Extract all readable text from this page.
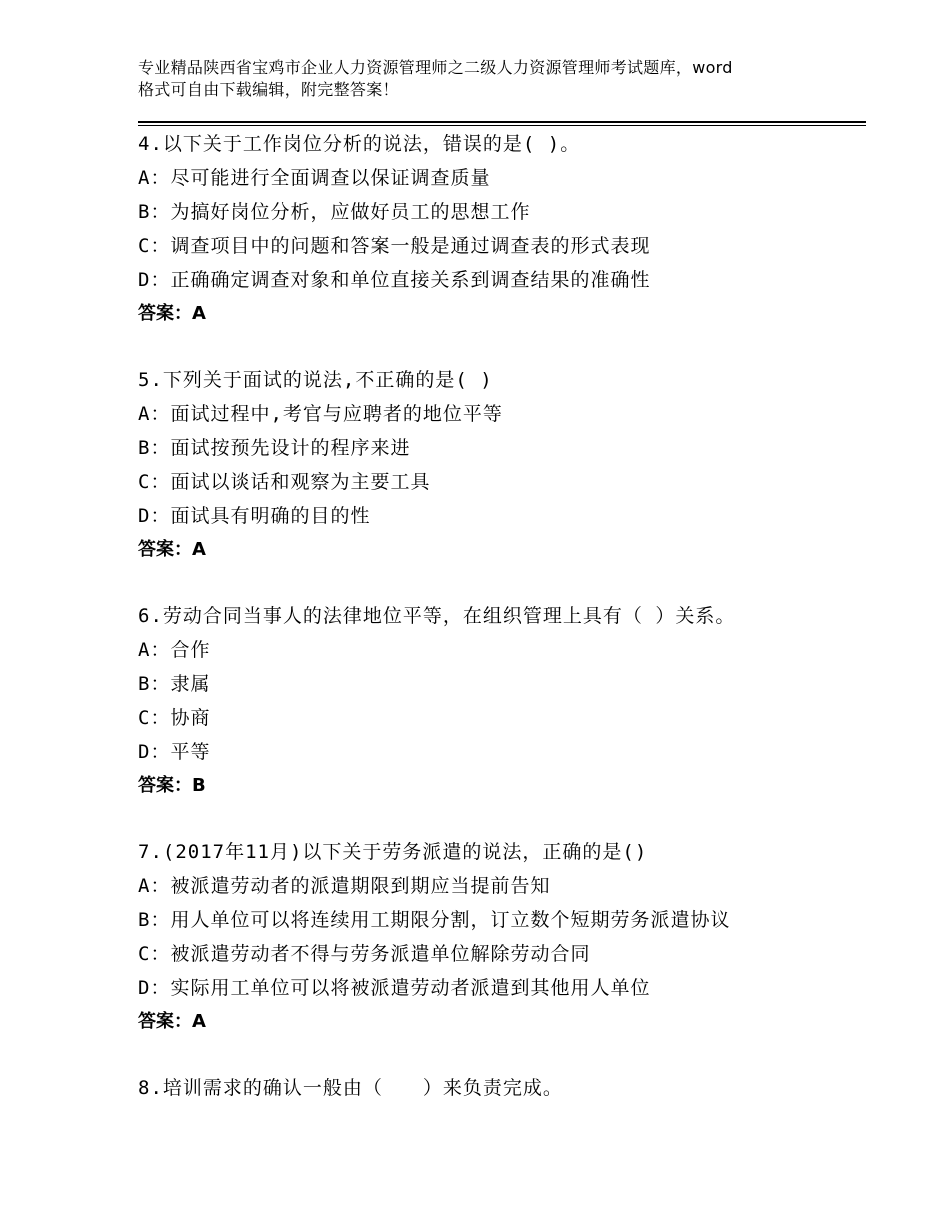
专业精品陕西省宝鸡市企业人力资源管理师之二级人力资源管理师考试题库，word
格式可自由下载编辑，附完整答案！
4.以下关于工作岗位分析的说法，错误的是( )。
A：尽可能进行全面调查以保证调查质量
B：为搞好岗位分析，应做好员工的思想工作
C：调查项目中的问题和答案一般是通过调查表的形式表现
D：正确确定调查对象和单位直接关系到调查结果的准确性
答案：A
5.下列关于面试的说法,不正确的是( )
A：面试过程中,考官与应聘者的地位平等
B：面试按预先设计的程序来进
C：面试以谈话和观察为主要工具
D：面试具有明确的目的性
答案：A
6.劳动合同当事人的法律地位平等，在组织管理上具有（ ）关系。
A：合作
B：隶属
C：协商
D：平等
答案：B
7.(2017年11月)以下关于劳务派遣的说法，正确的是()
A：被派遣劳动者的派遣期限到期应当提前告知
B：用人单位可以将连续用工期限分割，订立数个短期劳务派遣协议
C：被派遣劳动者不得与劳务派遣单位解除劳动合同
D：实际用工单位可以将被派遣劳动者派遣到其他用人单位
答案：A
8.培训需求的确认一般由（　　）来负责完成。
